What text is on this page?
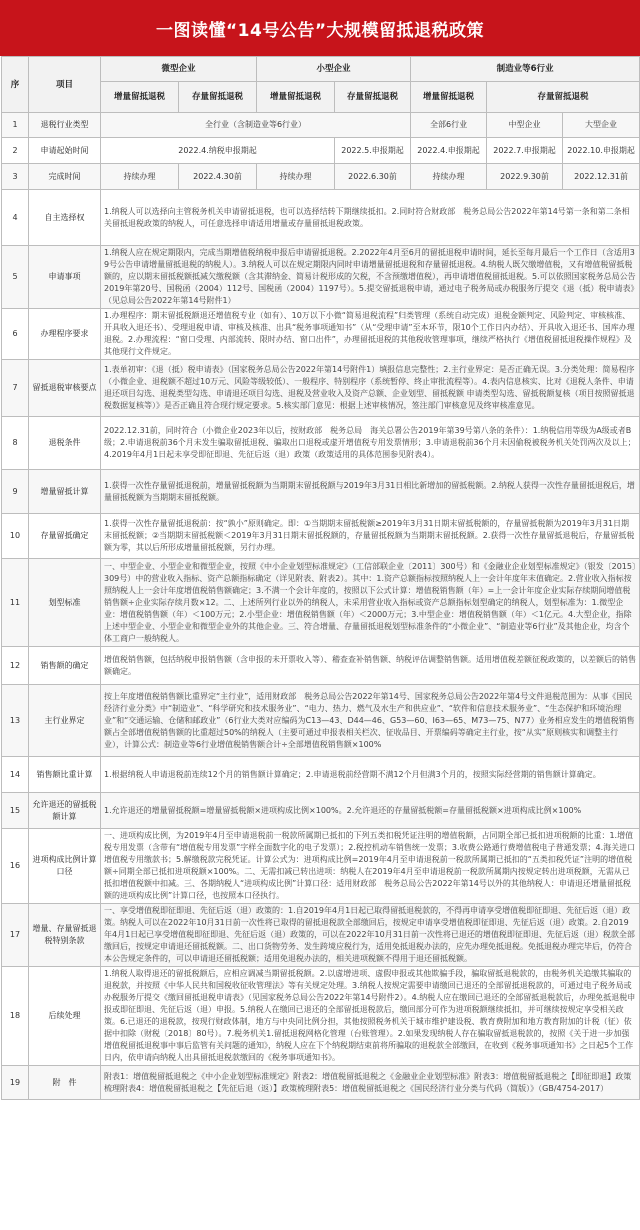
一图读懂“14号公告”大规模留抵退税政策
序	项目	微型企业		小型企业		制造业等6行业		
		增量留抵退税	存量留抵退税	增量留抵退税	存量留抵退税	增量留抵退税	存量留抵退税	
1	退税行业类型	全行业（含制造业等6行业）				全部6行业	中型企业	大型企业
2	申请起始时间	2022.4.纳税申报期起			2022.5.申报期起	2022.4.申报期起	2022.7.申报期起	2022.10.申报期起
3	完成时间	持续办理	2022.4.30前	持续办理	2022.6.30前	持续办理	2022.9.30前	2022.12.31前
4	自主选择权	1.纳税人可以选择向主管税务机关申请留抵退税，也可以选择结转下期继续抵扣。2.同时符合财政部　税务总局公告2022年第14号第一条和第二条相关留抵退税政策的纳税人，可任意选择申请适用增量或存量留抵退税政策。						
5	申请事项	1.纳税人应在规定期限内，完成当期增值税纳税申报后申请留抵退税。2.2022年4月至6月的留抵退税申请时间，延长至每月最后一个工作日（含适用39号公告申请增量留抵退税的纳税人）。3.纳税人可以在规定期限内同时申请增量留抵退税和存量留抵退税。4.纳税人既欠缴增值税，又有增值税留抵税额的，应以期末留抵税额抵减欠缴税额（含其滞纳金、简易计税形成的欠税，不含预缴增值税），再申请增值税留抵退税。5.可以依照国家税务总局公告2019年第20号、国税函（2004）112号、国税函（2004）1197号）。5.提交留抵退税申请，通过电子税务局或办税服务厅提交《退（抵）税申请表》（见总局公告2022年第14号附件1）						
6	办理程序要求	1.办理程序：期末留抵税额退还增值税专业（如有）、10万以下小微“简易退税流程”归类管理（系统自动完成）退税金额判定、风险判定、审核核准、开具收入退还书）、受理退税申请、审核及核准、出具“税务事项通知书”（从“受理申请”至本环节，限10个工作日内办结）、开具收入退还书、国库办理退税。2.办理流程：“窗口受理、内部流转、限时办结、窗口出件”，办理留抵退税的其他税收管理事项，继续严格执行《增值税留抵退税操作规程》及其他现行文件规定。						
7	留抵退税审核要点	1.表单初审：《退（抵）税申请表》（国家税务总局公告2022年第14号附件1）填报信息完整性；2.主行业界定：是否正确无误。3.分类处理：简易程序（小微企业、退税额不超过10万元、风险等级较低）、一般程序、特别程序（系统暂停、终止审批流程等）。4.表内信息核实、比对《退税人条件、申请退还项目勾选、退税类型勾选、申请退还项目勾选、退税及营业收入及资产总额、企业划型、留抵税额 申请类型勾选、留抵税额复核（项目按照留抵退税数据复核等）》是否正确且符合现行规定要求。5.核实部门意见：根据上述审核情况，签注部门审核意见及终审核准意见。						
8	退税条件	2022.12.31前，同时符合（小微企业2023年以后，按财政部　税务总局　海关总署公告2019年第39号第八条的条件）：1.纳税信用等级为A级或者B级；2.申请退税前36个月未发生骗取留抵退税、骗取出口退税或虚开增值税专用发票情形；3.申请退税前36个月未因偷税被税务机关处罚两次及以上；4.2019年4月1日起未享受即征即退、先征后返（退）政策（政策适用的具体范围参见附表4）。						
9	增量留抵计算	1.获得一次性存量留抵退税前，增量留抵税额为当期期末留抵税额与2019年3月31日相比新增加的留抵税额。2.纳税人获得一次性存量留抵退税后，增量留抵税额为当期期末留抵税额。						
10	存量留抵确定	1.获得一次性存量留抵退税前：按“孰小”原则确定。即：①当期期末留抵税额≥2019年3月31日期末留抵税额的，存量留抵税额为2019年3月31日期末留抵税额；②当期期末留抵税额＜2019年3月31日期末留抵税额的，存量留抵税额为当期期末留抵税额。2.获得一次性存量留抵退税后，存量留抵税额为零，其以后所形成增量留抵税额，另行办理。						
11	划型标准	一、中型企业、小型企业和微型企业，按照《中小企业划型标准规定》（工信部联企业〔2011〕300号）和《金融业企业划型标准规定》（银发〔2015〕309号）中的营业收入指标、资产总额指标确定（详见附表、附表2）。其中：1.资产总额指标按照纳税人上一会计年度年末值确定。2.营业收入指标按照纳税人上一会计年度增值税销售额确定；3.不满一个会计年度的，按照以下公式计算：增值税销售额（年）=上一会计年度企业实际存续期间增值税销售额÷企业实际存续月数×12。二、上述所列行业以外的纳税人，未采用营业收入指标或资产总额指标划型确定的纳税人，划型标准为：1.微型企业：增值税销售额（年）＜100万元；2.小型企业：增值税销售额（年）＜2000万元；3.中型企业：增值税销售额（年）＜1亿元。4.大型企业，指除上述中型企业、小型企业和微型企业外的其他企业。三、符合增量、存量留抵退税划型标准条件的“小微企业”、“制造业等6行业”及其他企业，均含个体工商户一般纳税人。						
12	销售额的确定	增值税销售额，包括纳税申报销售额（含申报的未开票收入等）、稽查查补销售额、纳税评估调整销售额。适用增值税差额征税政策的，以差额后的销售额确定。						
13	主行业界定	按上年度增值税销售额比重界定“主行业”，适用财政部　税务总局公告2022年第14号、国家税务总局公告2022年第4号文件退税范围为：从事《国民经济行业分类》中“制造业”、“科学研究和技术服务业”、“电力、热力、燃气及水生产和供应业”、“软件和信息技术服务业”、“生态保护和环境治理业”和“交通运输、仓储和邮政业”（6行业大类对应编码为C13—43、D44—46、G53—60、I63—65、M73—75、N77）业务相应发生的增值税销售额占全部增值税销售额的比重超过50%的纳税人（主要可通过申报表相关栏次、征收品目、开票编码等确定主行业，按“从实”原则核实和调整主行业），计算公式：制造业等6行业增值税销售额合计÷全部增值税销售额×100%						
14	销售额比重计算	1.根据纳税人申请退税前连续12个月的销售额计算确定；2.申请退税前经营期不满12个月但满3个月的，按照实际经营期的销售额计算确定。						
15	允许退还的留抵税额计算	1.允许退还的增量留抵税额=增量留抵税额×进项构成比例×100%。2.允许退还的存量留抵税额=存量留抵税额×进项构成比例×100%						
16	进项构成比例计算口径	一、进项构成比例，为2019年4月至申请退税前一税款所属期已抵扣的下列五类扣税凭证注明的增值税额，占同期全部已抵扣进项税额的比重：1.增值税专用发票（含带有“增值税专用发票”字样全面数字化的电子发票）；2.税控机动车销售统一发票；3.收费公路通行费增值税电子普通发票；4.海关进口增值税专用缴款书；5.解缴税款完税凭证。计算公式为：进项构成比例=2019年4月至申请退税前一税款所属期已抵扣的“五类扣税凭证”注明的增值税额÷同期全部已抵扣进项税额×100%。二、无需扣减已转出进项：纳税人在2019年4月至申请退税前一税款所属期内按规定转出进项税额，无需从已抵扣增值税额中扣减。三、各期纳税人“进项构成比例”计算口径：适用财政部　税务总局公告2022年第14号以外的其他纳税人：申请退还增量留抵税额的进项构成比例”计算口径，也按照本口径执行。						
17	增量、存量留抵退税特别条款	一、享受增值税即征即退、先征后返（退）政策的：1.自2019年4月1日起已取得留抵退税款的，不得再申请享受增值税即征即退、先征后返（退）政策。纳税人可以在2022年10月31日前一次性将已取得的留抵退税款全部缴回后，按规定申请享受增值税即征即退、先征后返（退）政策。2.自2019年4月1日起已享受增值税即征即退、先征后返（退）政策的，可以在2022年10月31日前一次性将已退还的增值税即征即退、先征后返（退）税款全部缴回后，按规定申请退还留抵税额。二、出口货物劳务、发生跨境应税行为，适用免抵退税办法的，应先办理免抵退税。免抵退税办理完毕后，仍符合本公告规定条件的，可以申请退还留抵税额；适用免退税办法的，相关进项税额不得用于退还留抵税额。						
18	后续处理	1.纳税人取得退还的留抵税额后，应相应调减当期留抵税额。2.以虚增进项、虚假申报或其他欺骗手段，骗取留抵退税款的，由税务机关追缴其骗取的退税款，并按照《中华人民共和国税收征收管理法》等有关规定处理。3.纳税人按规定需要申请缴回已退还的全部留抵退税款的，可通过电子税务局或办税服务厅提交《缴回留抵退税申请表》（见国家税务总局公告2022年第14号附件2）。4.纳税人应在缴回已退还的全部留抵退税款后，办理免抵退税申报或即征即退、先征后返（退）申报。5.纳税人在缴回已退还的全部留抵退税款后，缴回部分可作为进项税额继续抵扣，并可继续按规定享受相关政策。6.已退还的退税款，按现行财政体制，地方与中央同比例分担，其他按照税务机关于城市维护建设税、教育费附加和地方教育附加的计税（征）依据中扣除（财税〔2018〕80号）。7.税务机关1.留抵退税网格化管理（台账管理）。2.如果发现纳税人存在骗取留抵退税款的，按照《关于进一步加强增值税留抵退税事中事后监管有关问题的通知》，纳税人应在下个纳税期结束前将所骗取的退税款全部缴回，在收到《税务事项通知书》之日起5个工作日内，依申请向纳税人出具留抵退税款缴回的《税务事项通知书》。						
19	附　件	附表1：增值税留抵退税之《中小企业划型标准规定》附表2：增值税留抵退税之《金融业企业划型标准》附表3：增值税留抵退税之【即征即退】政策梳理附表4：增值税留抵退税之【先征后退（返）】政策梳理附表5：增值税留抵退税之《国民经济行业分类与代码（简版）》（GB/4754-2017）						
